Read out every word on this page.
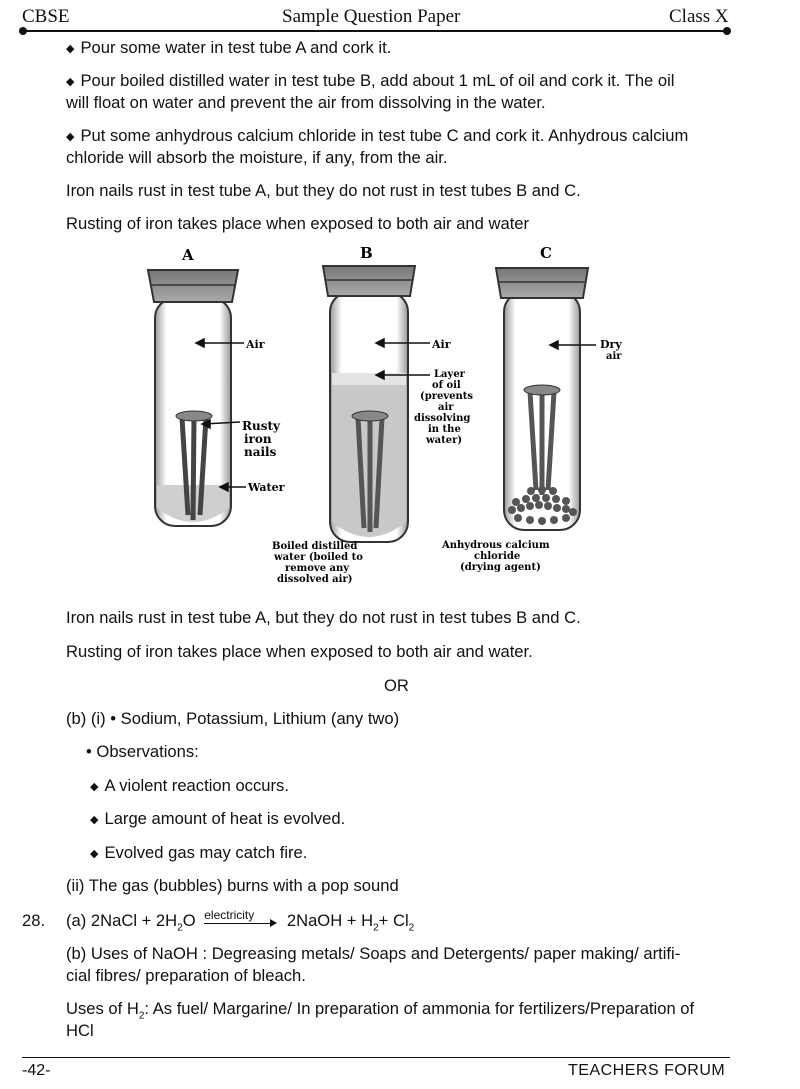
CBSE	Sample Question Paper	Class X
◆ Pour some water in test tube A and cork it.
◆ Pour boiled distilled water in test tube B, add about 1 mL of oil and cork it. The oil
will float on water and prevent the air from dissolving in the water.
◆ Put some anhydrous calcium chloride in test tube C and cork it. Anhydrous calcium
chloride will absorb the moisture, if any, from the air.
Iron nails rust in test tube A, but they do not rust in test tubes B and C.
Rusting of iron takes place when exposed to both air and water
A	B	C
Air
Rusty
iron
nails
Water
Air
Layer
of oil
(prevents
air
dissolving
in the
water)
Boiled distilled
water (boiled to
remove any
dissolved air)
Dry
air
Anhydrous calcium
chloride
(drying agent)
Iron nails rust in test tube A, but they do not rust in test tubes B and C.
Rusting of iron takes place when exposed to both air and water.
OR
(b) (i) • Sodium, Potassium, Lithium (any two)
• Observations:
◆ A violent reaction occurs.
◆ Large amount of heat is evolved.
◆ Evolved gas may catch fire.
(ii) The gas (bubbles) burns with a pop sound
28. (a) 2NaCl + $2H_2O$ electricity 2NaOH + $H_2+ Cl_2$
(b) Uses of NaOH : Degreasing metals/ Soaps and Detergents/ paper making/ artifi-
cial fibres/ preparation of bleach.
Uses of $H_2$: As fuel/ Margarine/ In preparation of ammonia for fertilizers/Preparation of
HCl
-42-	TEACHERS FORUM
